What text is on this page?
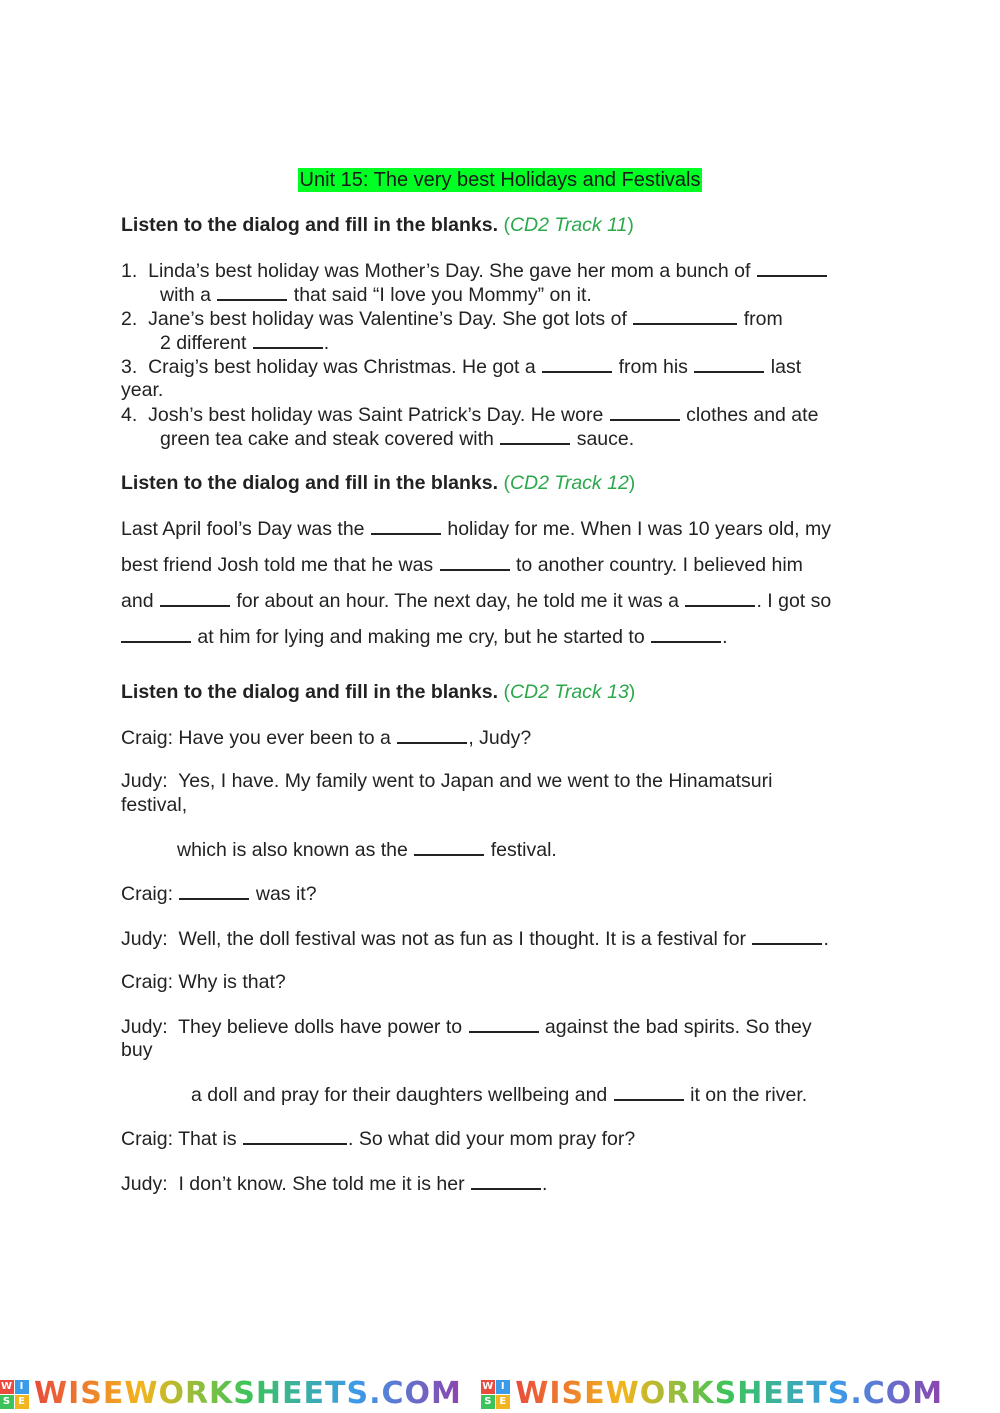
Unit 15: The very best Holidays and Festivals
Listen to the dialog and fill in the blanks. (CD2 Track 11)
1.  Linda’s best holiday was Mother’s Day. She gave her mom a bunch of
with a	that said “I love you Mommy” on it.
2.  Jane’s best holiday was Valentine’s Day. She got lots of	from
2 different	.
3.  Craig’s best holiday was Christmas. He got a	from his	last
year.
4.  Josh’s best holiday was Saint Patrick’s Day. He wore	clothes and ate
green tea cake and steak covered with	sauce.
Listen to the dialog and fill in the blanks. (CD2 Track 12)
Last April fool’s Day was the	holiday for me. When I was 10 years old, my
best friend Josh told me that he was	to another country. I believed him
and	for about an hour. The next day, he told me it was a	. I got so
at him for lying and making me cry, but he started to	.
Listen to the dialog and fill in the blanks. (CD2 Track 13)
Craig: Have you ever been to a	, Judy?
Judy:  Yes, I have. My family went to Japan and we went to the Hinamatsuri
festival,
which is also known as the	festival.
Craig:	was it?
Judy:  Well, the doll festival was not as fun as I thought. It is a festival for	.
Craig: Why is that?
Judy:  They believe dolls have power to	against the bad spirits. So they
buy
a doll and pray for their daughters wellbeing and	it on the river.
Craig: That is	. So what did your mom pray for?
Judy:  I don’t know. She told me it is her	.
W I
S E WISEWORKSHEETS.COM W I
S E WISEWORKSHEETS.COM
